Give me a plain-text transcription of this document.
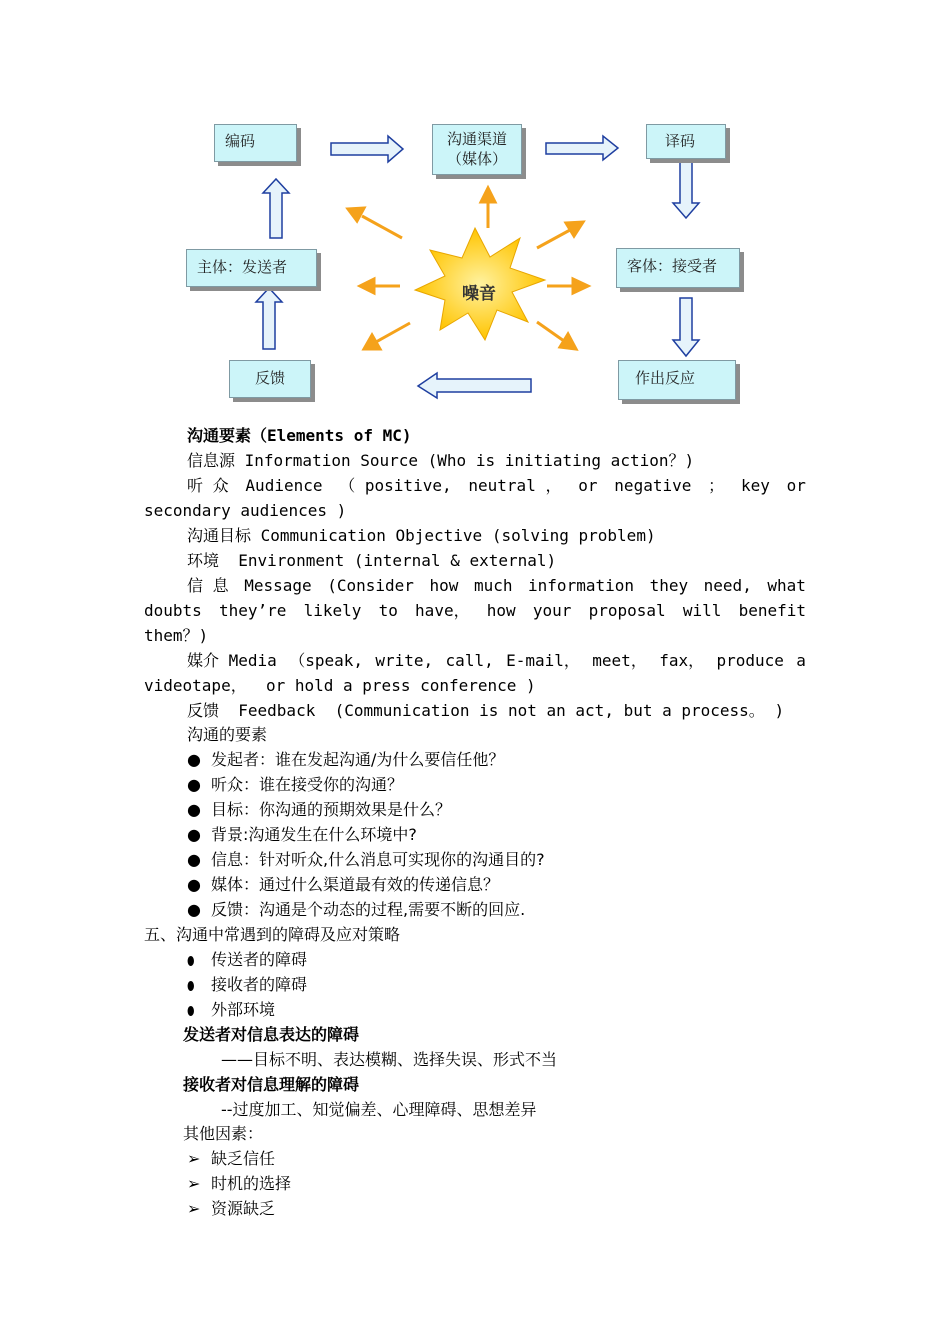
编码	沟通渠道
（媒体）
译码
主体：发送者	客体：接受者
反馈	作出反应
噪音
沟通要素（Elements of MC)
信息源 Information Source (Who is initiating action？)
听 众 Audience （ positive, neutral ， or negative ； key or
secondary audiences )
沟通目标 Communication Objective (solving problem)
环境  Environment (internal & external)
信 息 Message (Consider how much information they need, what
doubts they’re likely to have， how your proposal will benefit
them？)
媒介 Media （speak, write, call, E-mail， meet， fax， produce a
videotape，  or hold a press conference )
反馈  Feedback  (Communication is not an act, but a process。 )
沟通的要素
● 发起者：谁在发起沟通/为什么要信任他？
● 听众：谁在接受你的沟通？
● 目标：你沟通的预期效果是什么？
● 背景:沟通发生在什么环境中?
● 信息：针对听众,什么消息可实现你的沟通目的?
● 媒体：通过什么渠道最有效的传递信息？
● 反馈：沟通是个动态的过程,需要不断的回应.
五、沟通中常遇到的障碍及应对策略
⬮ 传送者的障碍
⬮ 接收者的障碍
⬮ 外部环境
发送者对信息表达的障碍
——目标不明、表达模糊、选择失误、形式不当
接收者对信息理解的障碍
--过度加工、知觉偏差、心理障碍、思想差异
其他因素：
➢ 缺乏信任
➢ 时机的选择
➢ 资源缺乏
